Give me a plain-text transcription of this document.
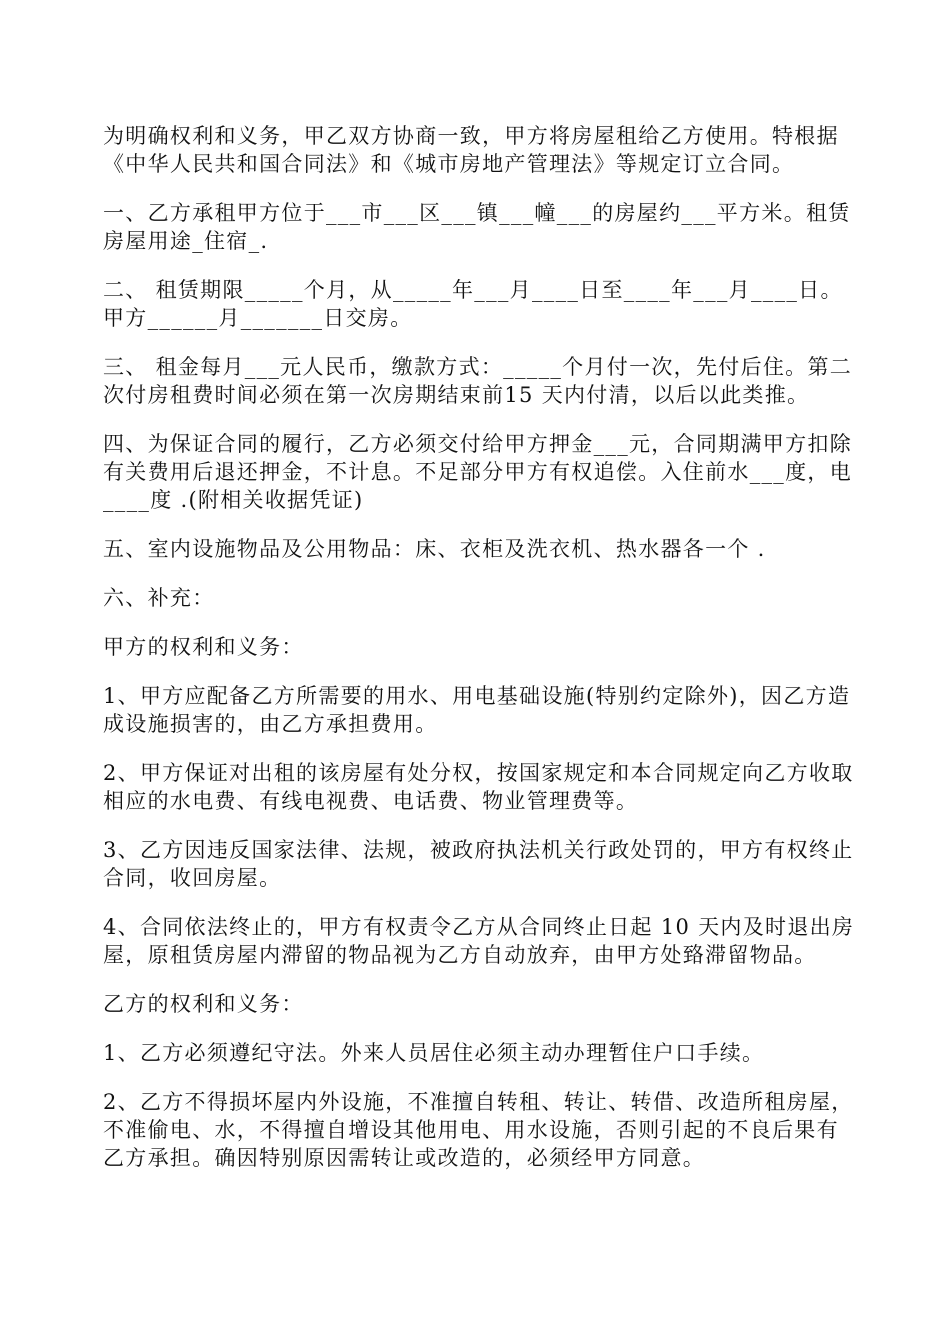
为明确权利和义务，甲乙双方协商一致，甲方将房屋租给乙方使用。特根据《中华人民共和国合同法》和《城市房地产管理法》等规定订立合同。

一、乙方承租甲方位于___市___区___镇___幢___的房屋约___平方米。租赁房屋用途_住宿_.

二、 租赁期限_____个月，从_____年___月____日至____年___月____日。甲方______月_______日交房。

三、 租金每月___元人民币，缴款方式：_____个月付一次，先付后住。第二次付房租费时间必须在第一次房期结束前15 天内付清，以后以此类推。

四、为保证合同的履行，乙方必须交付给甲方押金___元，合同期满甲方扣除有关费用后退还押金，不计息。不足部分甲方有权追偿。入住前水___度，电____度 .(附相关收据凭证)

五、室内设施物品及公用物品：床、衣柜及洗衣机、热水器各一个 .

六、补充：

甲方的权利和义务：

1、甲方应配备乙方所需要的用水、用电基础设施(特别约定除外)，因乙方造成设施损害的，由乙方承担费用。

2、甲方保证对出租的该房屋有处分权，按国家规定和本合同规定向乙方收取相应的水电费、有线电视费、电话费、物业管理费等。

3、乙方因违反国家法律、法规，被政府执法机关行政处罚的，甲方有权终止合同，收回房屋。

4、合同依法终止的，甲方有权责令乙方从合同终止日起 10 天内及时退出房屋，原租赁房屋内滞留的物品视为乙方自动放弃，由甲方处臵滞留物品。

乙方的权利和义务：

1、乙方必须遵纪守法。外来人员居住必须主动办理暂住户口手续。

2、乙方不得损坏屋内外设施，不准擅自转租、转让、转借、改造所租房屋，不准偷电、水，不得擅自增设其他用电、用水设施，否则引起的不良后果有乙方承担。确因特别原因需转让或改造的，必须经甲方同意。
